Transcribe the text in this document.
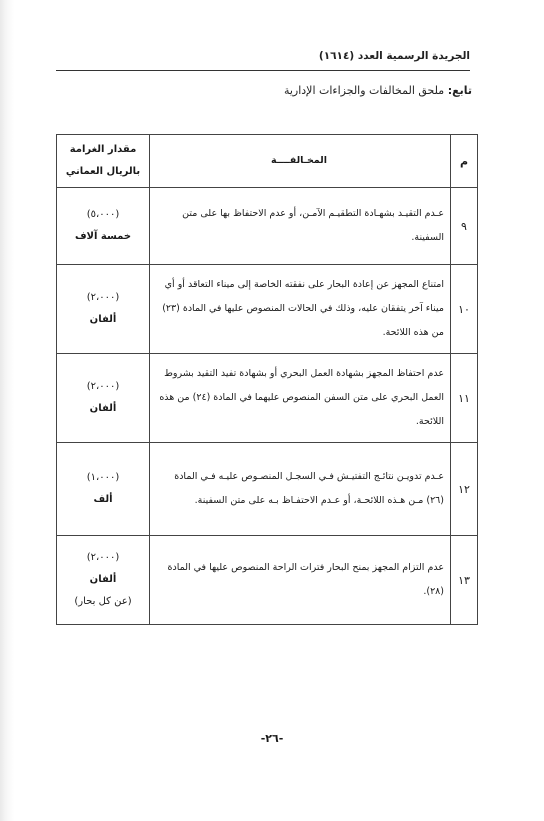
الجريدة الرسمية العدد (١٦١٤)
تابع: ملحق المخالفات والجزاءات الإدارية
م	المخـالفــــة	مقدار الغرامة
بالريال العماني

٩	عـدم التقيـد بشهـادة التطقيـم الآمـن، أو عدم الاحتفاظ بها على متن السفينة.	(٥،٠٠٠)
خمسة آلاف

١٠	امتناع المجهز عن إعادة البحار على نفقته الخاصة إلى ميناء التعاقد أو أي ميناء آخر يتفقان عليه، وذلك في الحالات المنصوص عليها في المادة (٢٣) من هذه اللائحة.	(٢،٠٠٠)
ألفان

١١	عدم احتفاظ المجهز بشهادة العمل البحري أو بشهادة تفيد التقيد بشروط العمل البحري على متن السفن المنصوص عليهما في المادة (٢٤) من هذه اللائحة.	(٢،٠٠٠)
ألفان

١٢	عـدم تدويـن نتائـج التفتيـش فـي السجـل المنصـوص عليـه فـي المادة (٢٦) مـن هـذه اللائحـة، أو عـدم الاحتفـاظ بـه على متن السفينة.	(١،٠٠٠)
ألف

١٣	عدم التزام المجهز بمنح البحار فترات الراحة المنصوص عليها في المادة (٢٨).	(٢،٠٠٠)
ألفان
(عن كل بحار)
-٢٦-
